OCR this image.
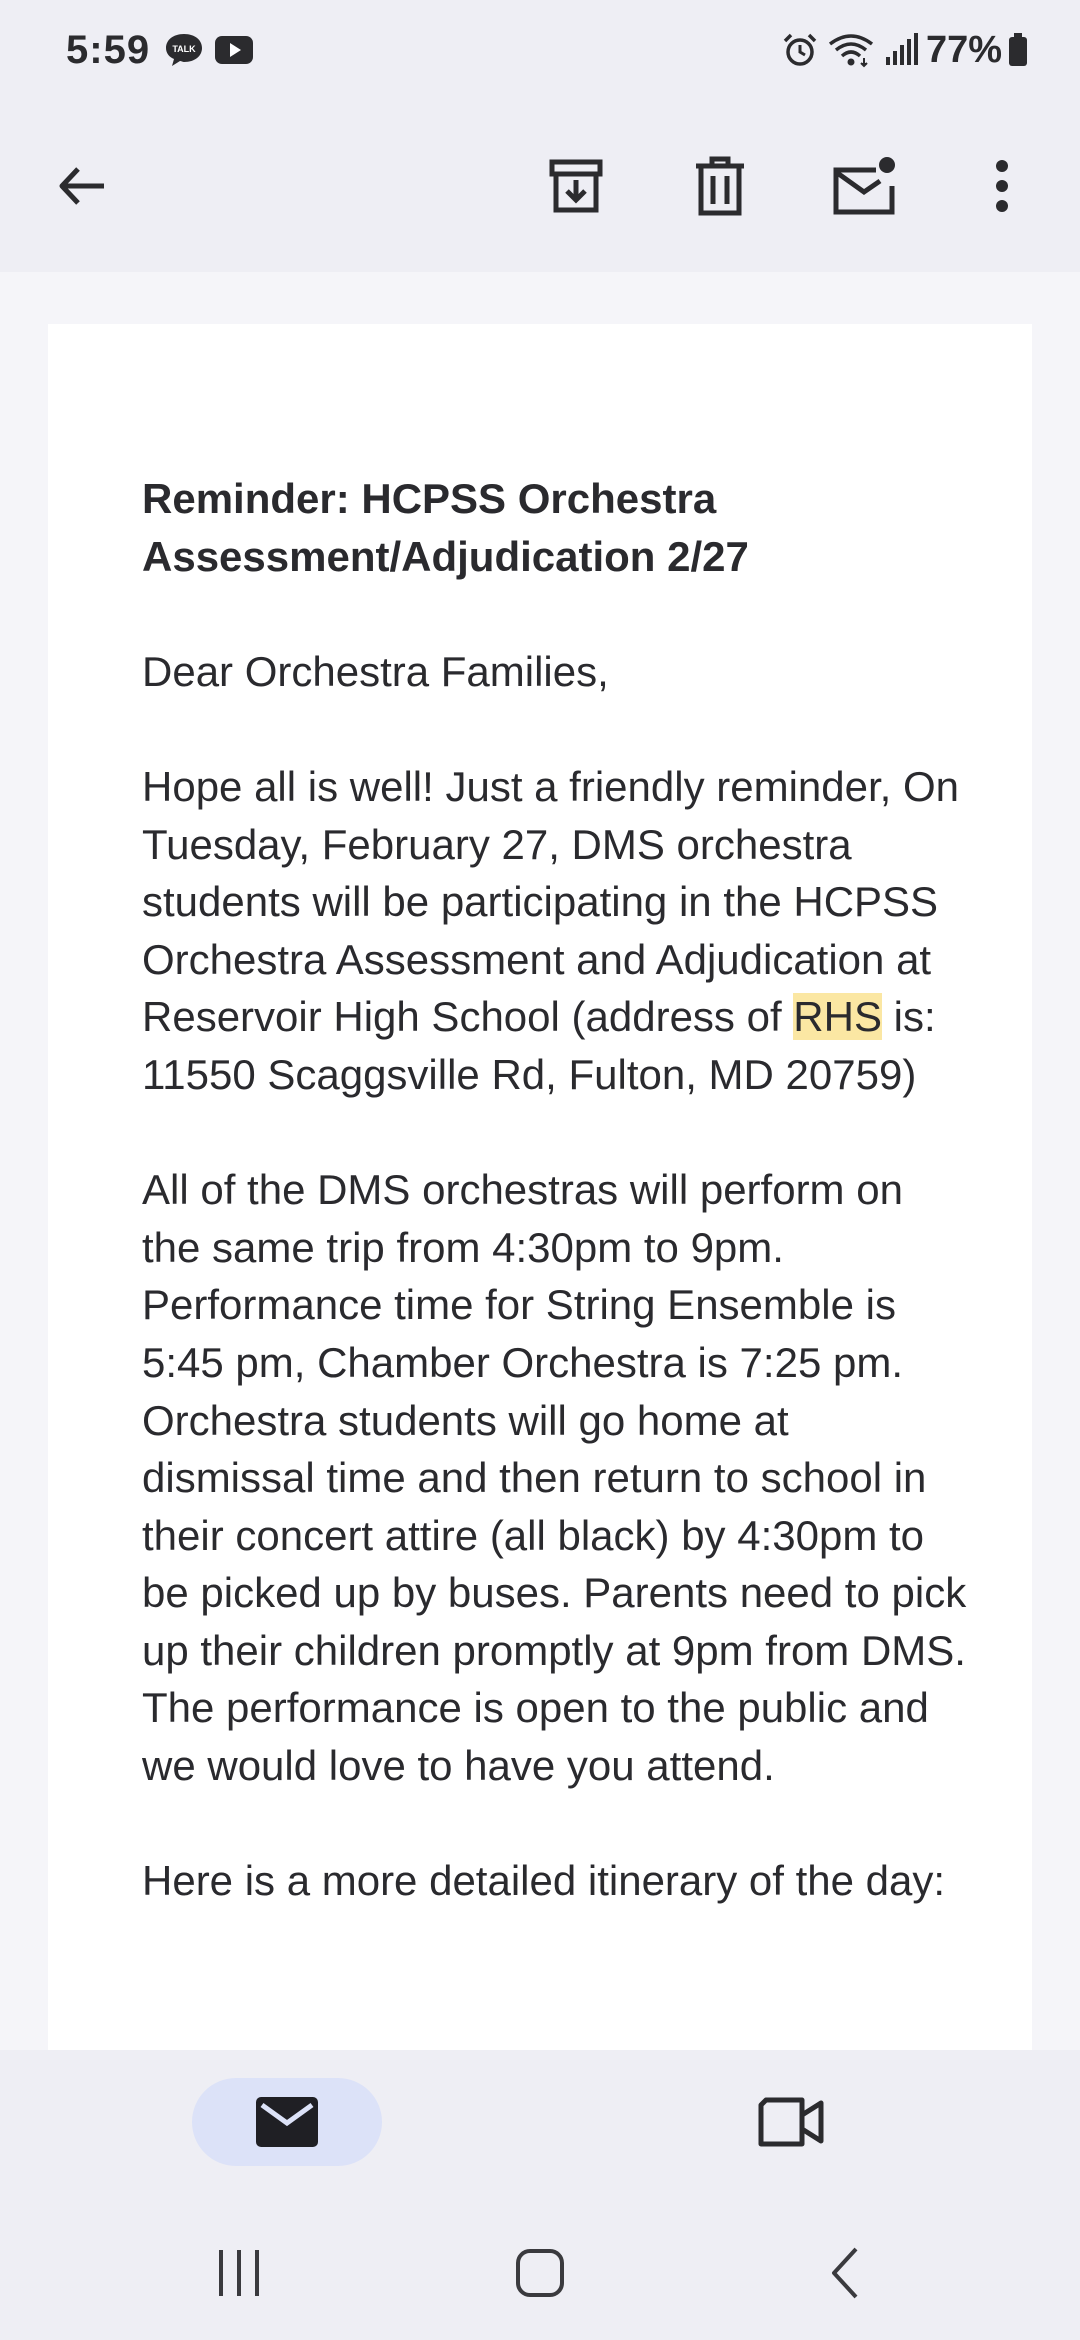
5:59 TALK	77%

Reminder: HCPSS Orchestra
Assessment/Adjudication 2/27

Dear Orchestra Families,

Hope all is well! Just a friendly reminder, On Tuesday, February 27, DMS orchestra students will be participating in the HCPSS Orchestra Assessment and Adjudication at Reservoir High School (address of RHS is: 11550 Scaggsville Rd, Fulton, MD 20759)

All of the DMS orchestras will perform on the same trip from 4:30pm to 9pm. Performance time for String Ensemble is 5:45 pm, Chamber Orchestra is 7:25 pm. Orchestra students will go home at dismissal time and then return to school in their concert attire (all black) by 4:30pm to be picked up by buses. Parents need to pick up their children promptly at 9pm from DMS. The performance is open to the public and we would love to have you attend.

Here is a more detailed itinerary of the day:
